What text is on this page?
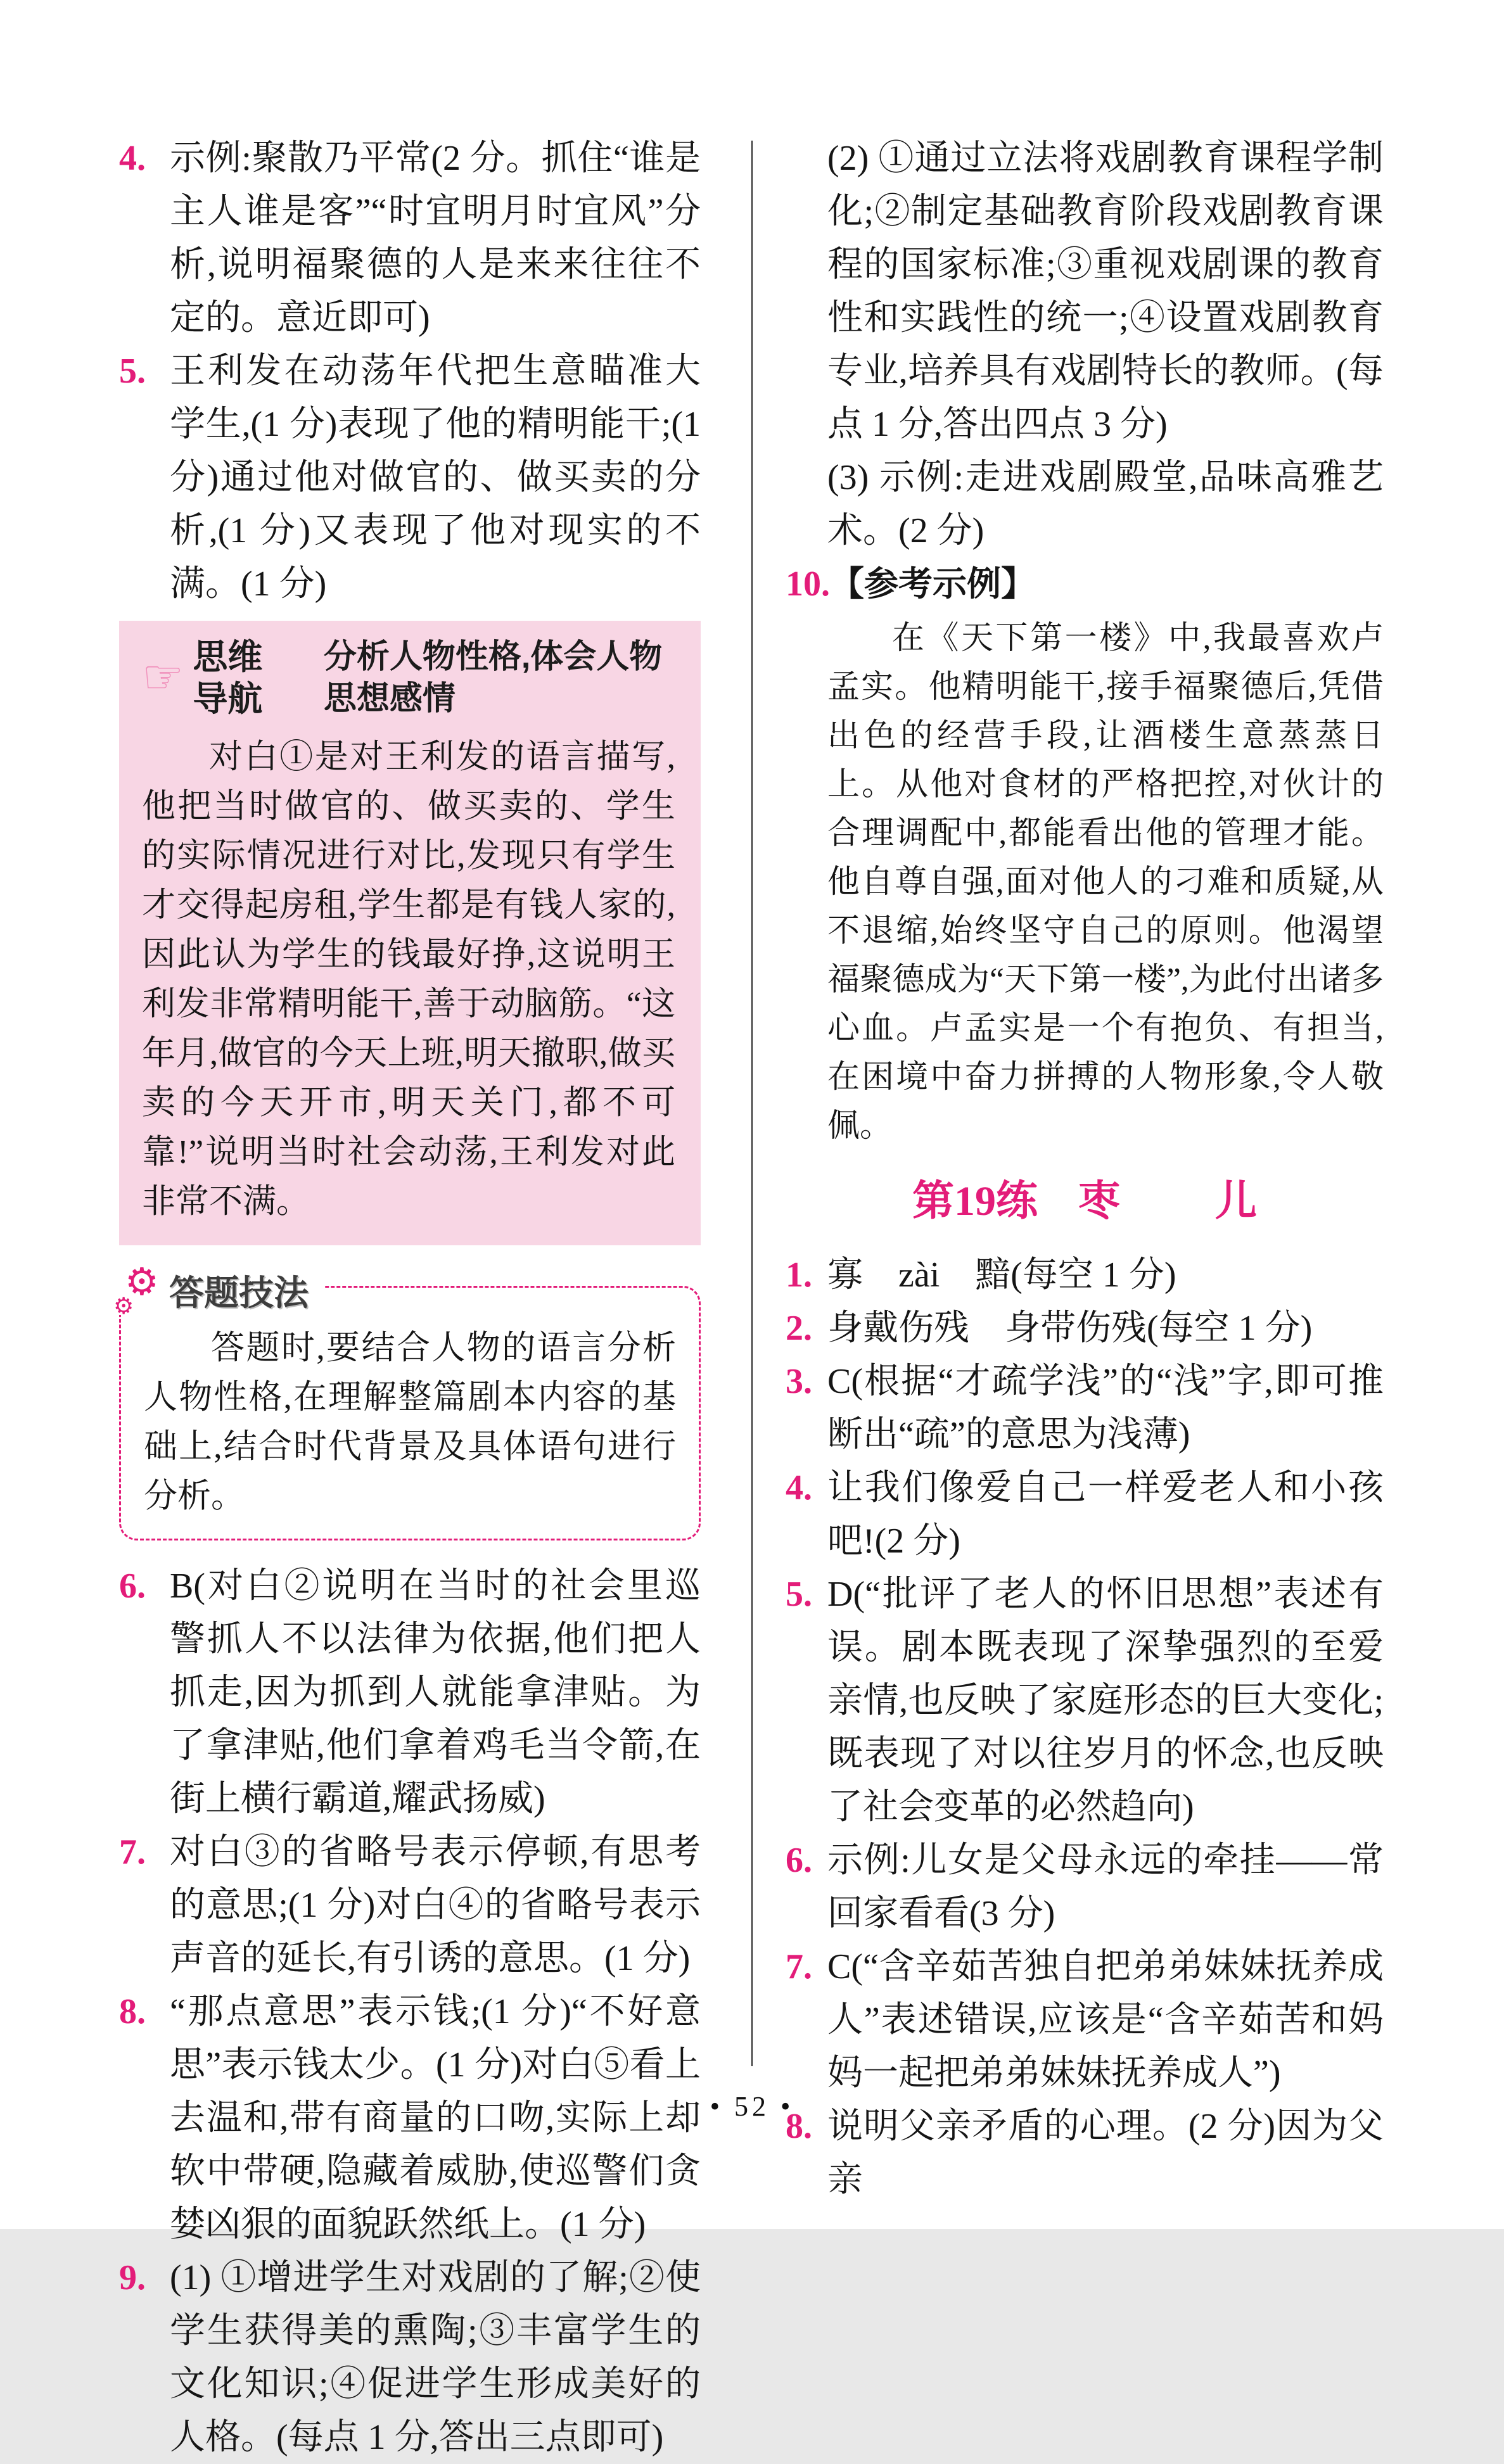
4. 示例:聚散乃平常(2 分。抓住“谁是主人谁是客”“时宜明月时宜风”分析,说明福聚德的人是来来往往不定的。意近即可)
5. 王利发在动荡年代把生意瞄准大学生,(1 分)表现了他的精明能干;(1 分)通过他对做官的、做买卖的分析,(1 分)又表现了他对现实的不满。(1 分)
☞ 思维导航
分析人物性格,体会人物思想感情
对白①是对王利发的语言描写,他把当时做官的、做买卖的、学生的实际情况进行对比,发现只有学生才交得起房租,学生都是有钱人家的,因此认为学生的钱最好挣,这说明王利发非常精明能干,善于动脑筋。“这年月,做官的今天上班,明天撤职,做买卖的今天开市,明天关门,都不可靠!”说明当时社会动荡,王利发对此非常不满。
⚙
⚙ 答题技法
答题时,要结合人物的语言分析人物性格,在理解整篇剧本内容的基础上,结合时代背景及具体语句进行分析。
6. B(对白②说明在当时的社会里巡警抓人不以法律为依据,他们把人抓走,因为抓到人就能拿津贴。为了拿津贴,他们拿着鸡毛当令箭,在街上横行霸道,耀武扬威)
7. 对白③的省略号表示停顿,有思考的意思;(1 分)对白④的省略号表示声音的延长,有引诱的意思。(1 分)
8. “那点意思”表示钱;(1 分)“不好意思”表示钱太少。(1 分)对白⑤看上去温和,带有商量的口吻,实际上却软中带硬,隐藏着威胁,使巡警们贪婪凶狠的面貌跃然纸上。(1 分)
9. (1) ①增进学生对戏剧的了解;②使学生获得美的熏陶;③丰富学生的文化知识;④促进学生形成美好的人格。(每点 1 分,答出三点即可)
(2) ①通过立法将戏剧教育课程学制化;②制定基础教育阶段戏剧教育课程的国家标准;③重视戏剧课的教育性和实践性的统一;④设置戏剧教育专业,培养具有戏剧特长的教师。(每点 1 分,答出四点 3 分)
(3) 示例:走进戏剧殿堂,品味高雅艺术。(2 分)
10. 【参考示例】
在《天下第一楼》中,我最喜欢卢孟实。他精明能干,接手福聚德后,凭借出色的经营手段,让酒楼生意蒸蒸日上。从他对食材的严格把控,对伙计的合理调配中,都能看出他的管理才能。他自尊自强,面对他人的刁难和质疑,从不退缩,始终坚守自己的原则。他渴望福聚德成为“天下第一楼”,为此付出诸多心血。卢孟实是一个有抱负、有担当,在困境中奋力拼搏的人物形象,令人敬佩。
第19练 枣 儿
1. 寡　zài　黯(每空 1 分)
2. 身戴伤残　身带伤残(每空 1 分)
3. C(根据“才疏学浅”的“浅”字,即可推断出“疏”的意思为浅薄)
4. 让我们像爱自己一样爱老人和小孩吧!(2 分)
5. D(“批评了老人的怀旧思想”表述有误。剧本既表现了深挚强烈的至爱亲情,也反映了家庭形态的巨大变化;既表现了对以往岁月的怀念,也反映了社会变革的必然趋向)
6. 示例:儿女是父母永远的牵挂——常回家看看(3 分)
7. C(“含辛茹苦独自把弟弟妹妹抚养成人”表述错误,应该是“含辛茹苦和妈妈一起把弟弟妹妹抚养成人”)
8. 说明父亲矛盾的心理。(2 分)因为父亲
• 52 •
